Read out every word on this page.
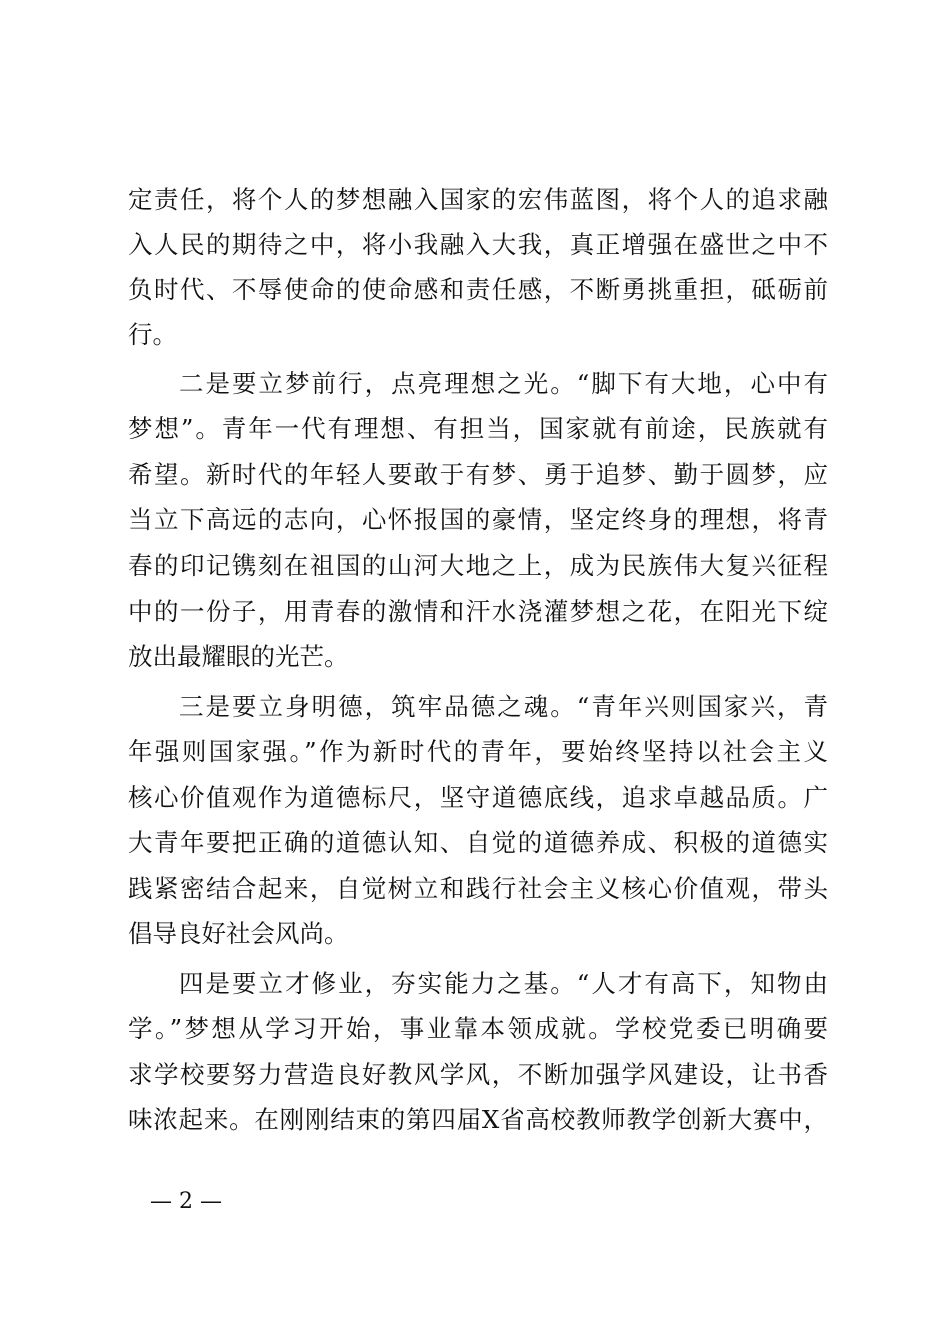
定责任，将个人的梦想融入国家的宏伟蓝图，将个人的追求融
入人民的期待之中，将小我融入大我，真正增强在盛世之中不
负时代、不辱使命的使命感和责任感，不断勇挑重担，砥砺前
行。
二是要立梦前行，点亮理想之光。“脚下有大地，心中有
梦想”。青年一代有理想、有担当，国家就有前途，民族就有
希望。新时代的年轻人要敢于有梦、勇于追梦、勤于圆梦，应
当立下高远的志向，心怀报国的豪情，坚定终身的理想，将青
春的印记镌刻在祖国的山河大地之上，成为民族伟大复兴征程
中的一份子，用青春的激情和汗水浇灌梦想之花，在阳光下绽
放出最耀眼的光芒。
三是要立身明德，筑牢品德之魂。“青年兴则国家兴，青
年强则国家强。”作为新时代的青年，要始终坚持以社会主义
核心价值观作为道德标尺，坚守道德底线，追求卓越品质。广
大青年要把正确的道德认知、自觉的道德养成、积极的道德实
践紧密结合起来，自觉树立和践行社会主义核心价值观，带头
倡导良好社会风尚。
四是要立才修业，夯实能力之基。“人才有高下，知物由
学。”梦想从学习开始，事业靠本领成就。学校党委已明确要
求学校要努力营造良好教风学风，不断加强学风建设，让书香
味浓起来。在刚刚结束的第四届X省高校教师教学创新大赛中，
— 2 —
